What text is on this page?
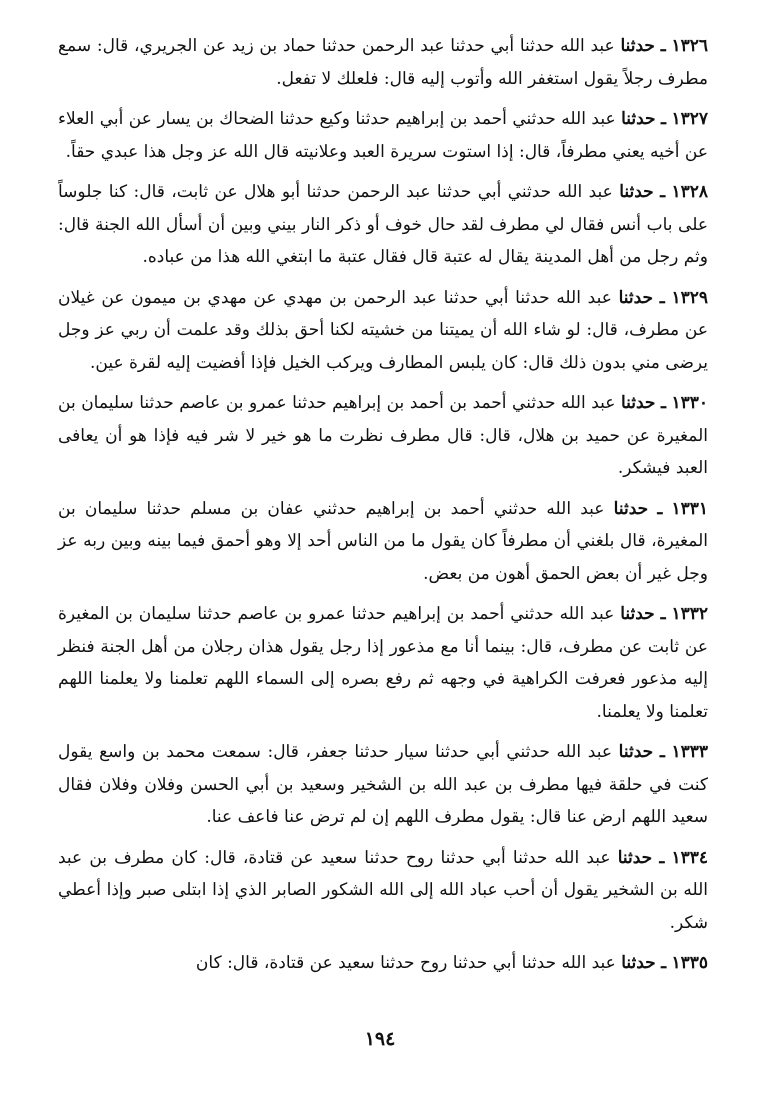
١٣٢٦ ـ حدثنا عبد الله حدثنا أبي حدثنا عبد الرحمن حدثنا حماد بن زيد عن الجريري، قال: سمع مطرف رجلاً يقول استغفر الله وأتوب إليه قال: فلعلك لا تفعل.

١٣٢٧ ـ حدثنا عبد الله حدثني أحمد بن إبراهيم حدثنا وكيع حدثنا الضحاك بن يسار عن أبي العلاء عن أخيه يعني مطرفاً، قال: إذا استوت سريرة العبد وعلانيته قال الله عز وجل هذا عبدي حقاً.

١٣٢٨ ـ حدثنا عبد الله حدثني أبي حدثنا عبد الرحمن حدثنا أبو هلال عن ثابت، قال: كنا جلوساً على باب أنس فقال لي مطرف لقد حال خوف أو ذكر النار بيني وبين أن أسأل الله الجنة قال: وثم رجل من أهل المدينة يقال له عتبة قال فقال عتبة ما ابتغي الله هذا من عباده.

١٣٢٩ ـ حدثنا عبد الله حدثنا أبي حدثنا عبد الرحمن بن مهدي عن مهدي بن ميمون عن غيلان عن مطرف، قال: لو شاء الله أن يميتنا من خشيته لكنا أحق بذلك وقد علمت أن ربي عز وجل يرضى مني بدون ذلك قال: كان يلبس المطارف ويركب الخيل فإذا أفضيت إليه لقرة عين.

١٣٣٠ ـ حدثنا عبد الله حدثني أحمد بن أحمد بن إبراهيم حدثنا عمرو بن عاصم حدثنا سليمان بن المغيرة عن حميد بن هلال، قال: قال مطرف نظرت ما هو خير لا شر فيه فإذا هو أن يعافى العبد فيشكر.

١٣٣١ ـ حدثنا عبد الله حدثني أحمد بن إبراهيم حدثني عفان بن مسلم حدثنا سليمان بن المغيرة، قال بلغني أن مطرفاً كان يقول ما من الناس أحد إلا وهو أحمق فيما بينه وبين ربه عز وجل غير أن بعض الحمق أهون من بعض.

١٣٣٢ ـ حدثنا عبد الله حدثني أحمد بن إبراهيم حدثنا عمرو بن عاصم حدثنا سليمان بن المغيرة عن ثابت عن مطرف، قال: بينما أنا مع مذعور إذا رجل يقول هذان رجلان من أهل الجنة فنظر إليه مذعور فعرفت الكراهية في وجهه ثم رفع بصره إلى السماء اللهم تعلمنا ولا يعلمنا اللهم تعلمنا ولا يعلمنا.

١٣٣٣ ـ حدثنا عبد الله حدثني أبي حدثنا سيار حدثنا جعفر، قال: سمعت محمد بن واسع يقول كنت في حلقة فيها مطرف بن عبد الله بن الشخير وسعيد بن أبي الحسن وفلان وفلان فقال سعيد اللهم ارض عنا قال: يقول مطرف اللهم إن لم ترض عنا فاعف عنا.

١٣٣٤ ـ حدثنا عبد الله حدثنا أبي حدثنا روح حدثنا سعيد عن قتادة، قال: كان مطرف بن عبد الله بن الشخير يقول أن أحب عباد الله إلى الله الشكور الصابر الذي إذا ابتلى صبر وإذا أعطي شكر.

١٣٣٥ ـ حدثنا عبد الله حدثنا أبي حدثنا روح حدثنا سعيد عن قتادة، قال: كان

١٩٤
